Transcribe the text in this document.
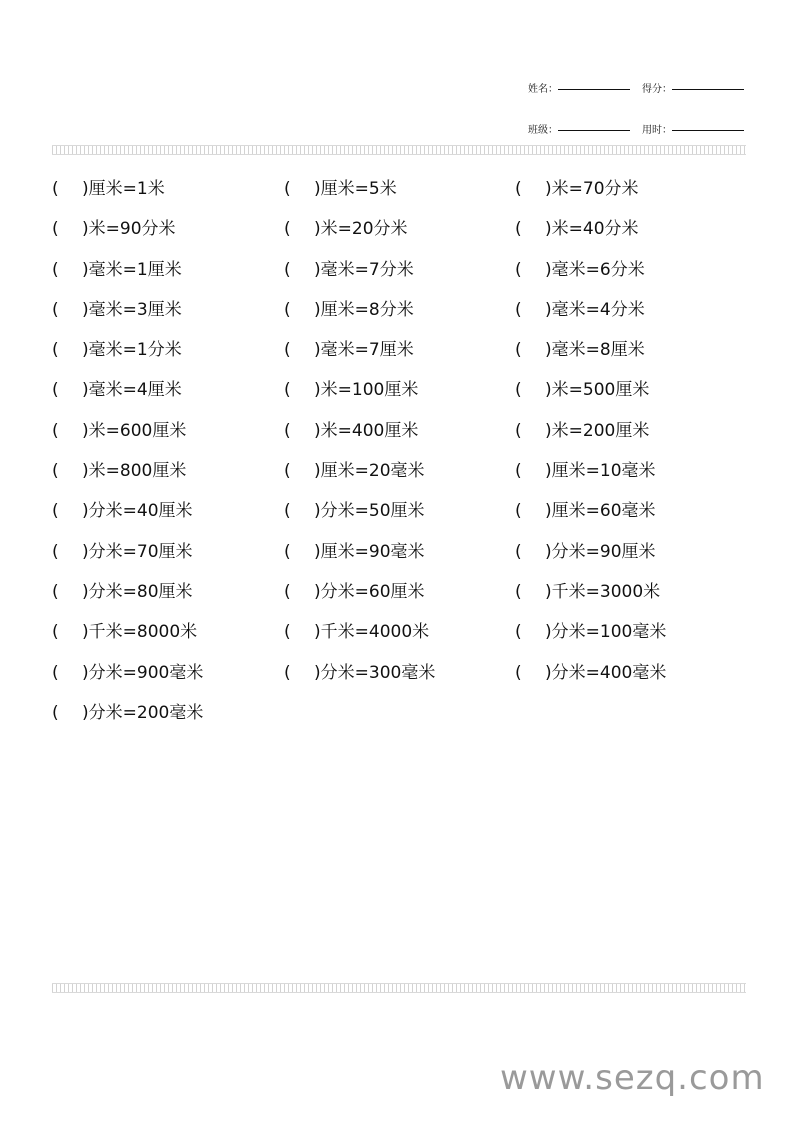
姓名：	得分：
班级：	用时：
( )厘米=1米	( )厘米=5米	( )米=70分米
( )米=90分米	( )米=20分米	( )米=40分米
( )毫米=1厘米	( )毫米=7分米	( )毫米=6分米
( )毫米=3厘米	( )厘米=8分米	( )毫米=4分米
( )毫米=1分米	( )毫米=7厘米	( )毫米=8厘米
( )毫米=4厘米	( )米=100厘米	( )米=500厘米
( )米=600厘米	( )米=400厘米	( )米=200厘米
( )米=800厘米	( )厘米=20毫米	( )厘米=10毫米
( )分米=40厘米	( )分米=50厘米	( )厘米=60毫米
( )分米=70厘米	( )厘米=90毫米	( )分米=90厘米
( )分米=80厘米	( )分米=60厘米	( )千米=3000米
( )千米=8000米	( )千米=4000米	( )分米=100毫米
( )分米=900毫米	( )分米=300毫米	( )分米=400毫米
( )分米=200毫米
www.sezq.com
